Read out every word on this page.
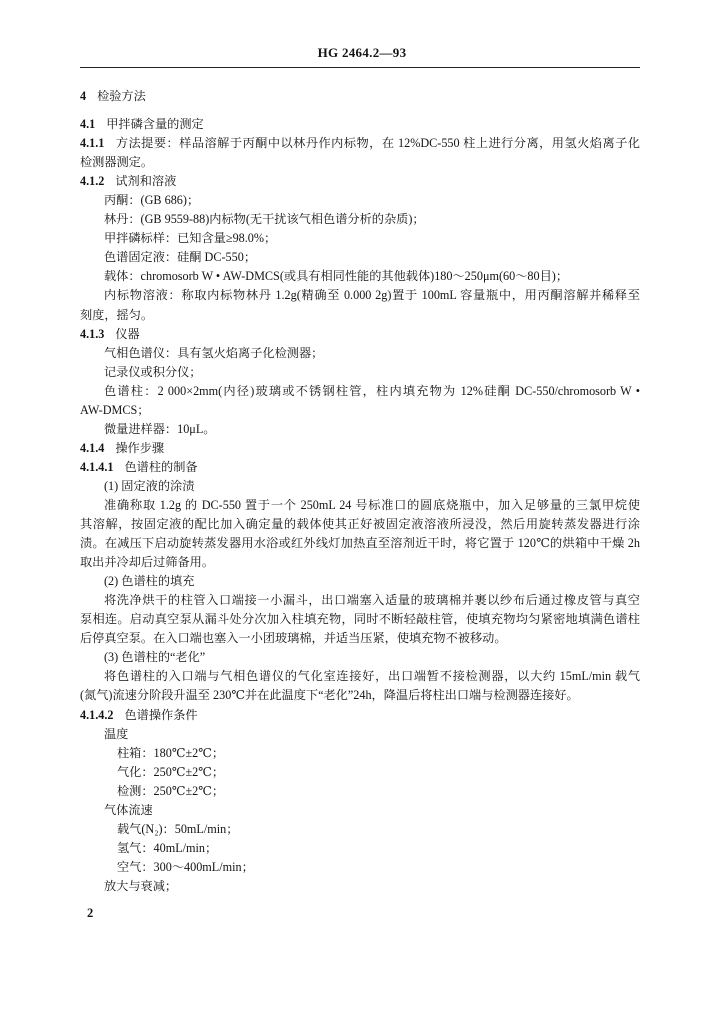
HG 2464.2—93
4 检验方法
4.1 甲拌磷含量的测定
4.1.1 方法提要：样品溶解于丙酮中以林丹作内标物，在 12%DC-550 柱上进行分离，用氢火焰离子化
检测器测定。
4.1.2 试剂和溶液
丙酮：(GB 686)；
林丹：(GB 9559-88)内标物(无干扰该气相色谱分析的杂质)；
甲拌磷标样：已知含量≥98.0%；
色谱固定液：硅酮 DC-550；
载体：chromosorb W • AW-DMCS(或具有相同性能的其他载体)180～250μm(60～80目)；
内标物溶液：称取内标物林丹 1.2g(精确至 0.000 2g)置于 100mL 容量瓶中，用丙酮溶解并稀释至
刻度，摇匀。
4.1.3 仪器
气相色谱仪：具有氢火焰离子化检测器；
记录仪或积分仪；
色谱柱：2 000×2mm(内径)玻璃或不锈钢柱管，柱内填充物为 12%硅酮 DC-550/chromosorb W •
AW-DMCS；
微量进样器：10μL。
4.1.4 操作步骤
4.1.4.1 色谱柱的制备
(1) 固定液的涂渍
准确称取 1.2g 的 DC-550 置于一个 250mL 24 号标准口的圆底烧瓶中，加入足够量的三氯甲烷使
其溶解，按固定液的配比加入确定量的载体使其正好被固定液溶液所浸没，然后用旋转蒸发器进行涂
渍。在减压下启动旋转蒸发器用水浴或红外线灯加热直至溶剂近干时，将它置于 120℃的烘箱中干燥 2h
取出并冷却后过筛备用。
(2) 色谱柱的填充
将洗净烘干的柱管入口端接一小漏斗，出口端塞入适量的玻璃棉并裹以纱布后通过橡皮管与真空
泵相连。启动真空泵从漏斗处分次加入柱填充物，同时不断轻敲柱管，使填充物均匀紧密地填满色谱柱
后停真空泵。在入口端也塞入一小团玻璃棉，并适当压紧，使填充物不被移动。
(3) 色谱柱的“老化”
将色谱柱的入口端与气相色谱仪的气化室连接好，出口端暂不接检测器，以大约 15mL/min 载气
(氮气)流速分阶段升温至 230℃并在此温度下“老化”24h，降温后将柱出口端与检测器连接好。
4.1.4.2 色谱操作条件
温度
柱箱：180℃±2℃；
气化：250℃±2℃；
检测：250℃±2℃；
气体流速
载气(N₂)：50mL/min；
氢气：40mL/min；
空气：300～400mL/min；
放大与衰减；
2
